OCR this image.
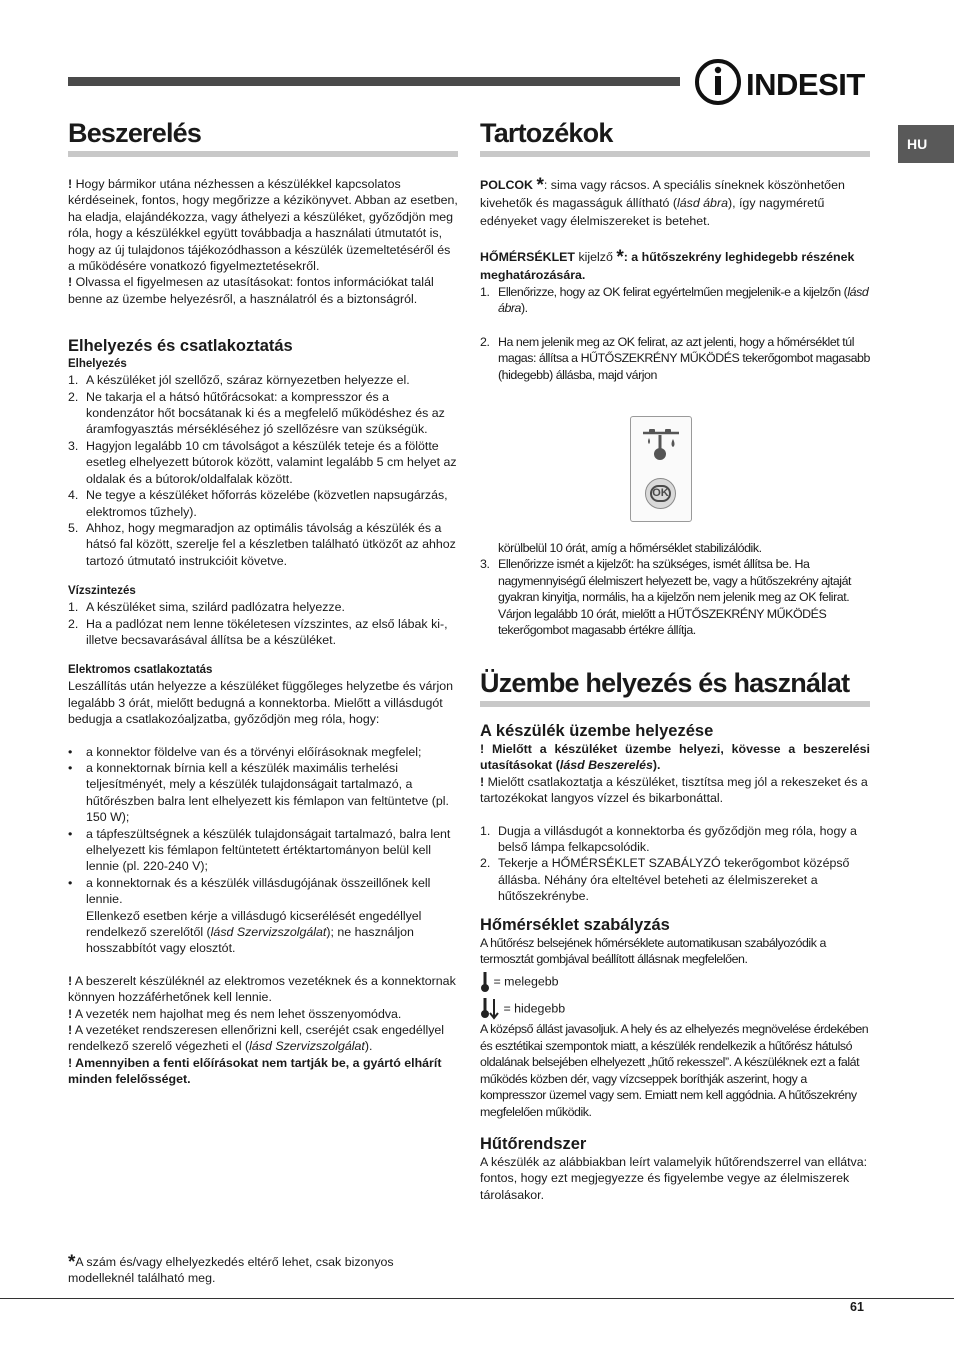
INDESIT
HU
Beszerelés

! Hogy bármikor utána nézhessen a készülékkel kapcsolatos kérdéseinek, fontos, hogy megőrizze a kézikönyvet. Abban az esetben, ha eladja, elajándékozza, vagy áthelyezi a készüléket, győződjön meg róla, hogy a készülékkel együtt továbbadja a használati útmutatót is, hogy az új tulajdonos tájékozódhasson a készülék üzemeltetéséről és a működésére vonatkozó figyelmeztetésekről.

! Olvassa el figyelmesen az utasításokat: fontos információkat talál benne az üzembe helyezésről, a használatról és a biztonságról.

Elhelyezés és csatlakoztatás
Elhelyezés
1. A készüléket jól szellőző, száraz környezetben helyezze el.
2. Ne takarja el a hátsó hűtőrácsokat: a kompresszor és a kondenzátor hőt bocsátanak ki és a megfelelő működéshez és az áramfogyasztás mérsékléséhez jó szellőzésre van szükségük.
3. Hagyjon legalább 10 cm távolságot a készülék teteje és a fölötte esetleg elhelyezett bútorok között, valamint legalább 5 cm helyet az oldalak és a bútorok/oldalfalak között.
4. Ne tegye a készüléket hőforrás közelébe (közvetlen napsugárzás, elektromos tűzhely).
5. Ahhoz, hogy megmaradjon az optimális távolság a készülék és a hátsó fal között, szerelje fel a készletben található ütközőt az ahhoz tartozó útmutató instrukcióit követve.
Vízszintezés
1. A készüléket sima, szilárd padlózatra helyezze.
2. Ha a padlózat nem lenne tökéletesen vízszintes, az első lábak ki-, illetve becsavarásával állítsa be a készüléket.
Elektromos csatlakoztatás

Leszállítás után helyezze a készüléket függőleges helyzetbe és várjon legalább 3 órát, mielőtt bedugná a konnektorba. Mielőtt a villásdugót bedugja a csatlakozóaljzatba, győződjön meg róla, hogy:

• a konnektor földelve van és a törvényi előírásoknak megfelel;
• a konnektornak bírnia kell a készülék maximális terhelési teljesítményét, mely a készülék tulajdonságait tartalmazó, a hűtőrészben balra lent elhelyezett kis fémlapon van feltüntetve (pl. 150 W);
• a tápfeszültségnek a készülék tulajdonságait tartalmazó, balra lent elhelyezett kis fémlapon feltüntetett értéktartományon belül kell lennie (pl. 220-240 V);
• a konnektornak és a készülék villásdugójának összeillőnek kell lennie.

Ellenkező esetben kérje a villásdugó kicserélését engedéllyel rendelkező szerelőtől (lásd Szervizszolgálat); ne használjon hosszabbítót vagy elosztót.

! A beszerelt készüléknél az elektromos vezetéknek és a konnektornak könnyen hozzáférhetőnek kell lennie.

! A vezeték nem hajolhat meg és nem lehet összenyomódva.

! A vezetéket rendszeresen ellenőrizni kell, cseréjét csak engedéllyel rendelkező szerelő végezheti el (lásd Szervizszolgálat).

! Amennyiben a fenti előírásokat nem tartják be, a gyártó elhárít minden felelősséget.

*A szám és/vagy elhelyezkedés eltérő lehet, csak bizonyos modelleknél található meg.

Tartozékok

POLCOK *: sima vagy rácsos. A speciális síneknek köszönhetően kivehetők és magasságuk állítható (lásd ábra), így nagyméretű edényeket vagy élelmiszereket is betehet.

HŐMÉRSÉKLET kijelző *: a hűtőszekrény leghidegebb részének meghatározására.

1. Ellenőrizze, hogy az OK felirat egyértelműen megjelenik-e a kijelzőn (lásd ábra).
2. Ha nem jelenik meg az OK felirat, az azt jelenti, hogy a hőmérséklet túl magas: állítsa a HŰTŐSZEKRÉNY MŰKÖDÉS tekerőgombot magasabb (hidegebb) állásba, majd várjon
OK

körülbelül 10 órát, amíg a hőmérséklet stabilizálódik.

3. Ellenőrizze ismét a kijelzőt: ha szükséges, ismét állítsa be. Ha nagymennyiségű élelmiszert helyezett be, vagy a hűtőszekrény ajtaját gyakran kinyitja, normális, ha a kijelzőn nem jelenik meg az OK felirat. Várjon legalább 10 órát, mielőtt a HŰTŐSZEKRÉNY MŰKÖDÉS tekerőgombot magasabb értékre állítja.
Üzembe helyezés és használat
A készülék üzembe helyezése

! Mielőtt a készüléket üzembe helyezi, kövesse a beszerelési utasításokat (lásd Beszerelés).

! Mielőtt csatlakoztatja a készüléket, tisztítsa meg jól a rekeszeket és a tartozékokat langyos vízzel és bikarbonáttal.

1. Dugja a villásdugót a konnektorba és győződjön meg róla, hogy a belső lámpa felkapcsolódik.
2. Tekerje a HŐMÉRSÉKLET SZABÁLYZÓ tekerőgombot középső állásba. Néhány óra elteltével beteheti az élelmiszereket a hűtőszekrénybe.
Hőmérséklet szabályzás

A hűtőrész belsejének hőmérséklete automatikusan szabályozódik a termosztát gombjával beállított állásnak megfelelően.

= melegebb

= hidegebb

A középső állást javasoljuk. A hely és az elhelyezés megnövelése érdekében és esztétikai szempontok miatt, a készülék rendelkezik a hűtőrész hátulsó oldalának belsejében elhelyezett „hűtő rekesszel”. A készüléknek ezt a falát működés közben dér, vagy vízcseppek boríthják aszerint, hogy a kompresszor üzemel vagy sem. Emiatt nem kell aggódnia. A hűtőszekrény megfelelően működik.

Hűtőrendszer

A készülék az alábbiakban leírt valamelyik hűtőrendszerrel van ellátva: fontos, hogy ezt megjegyezze és figyelembe vegye az élelmiszerek tárolásakor.

61
